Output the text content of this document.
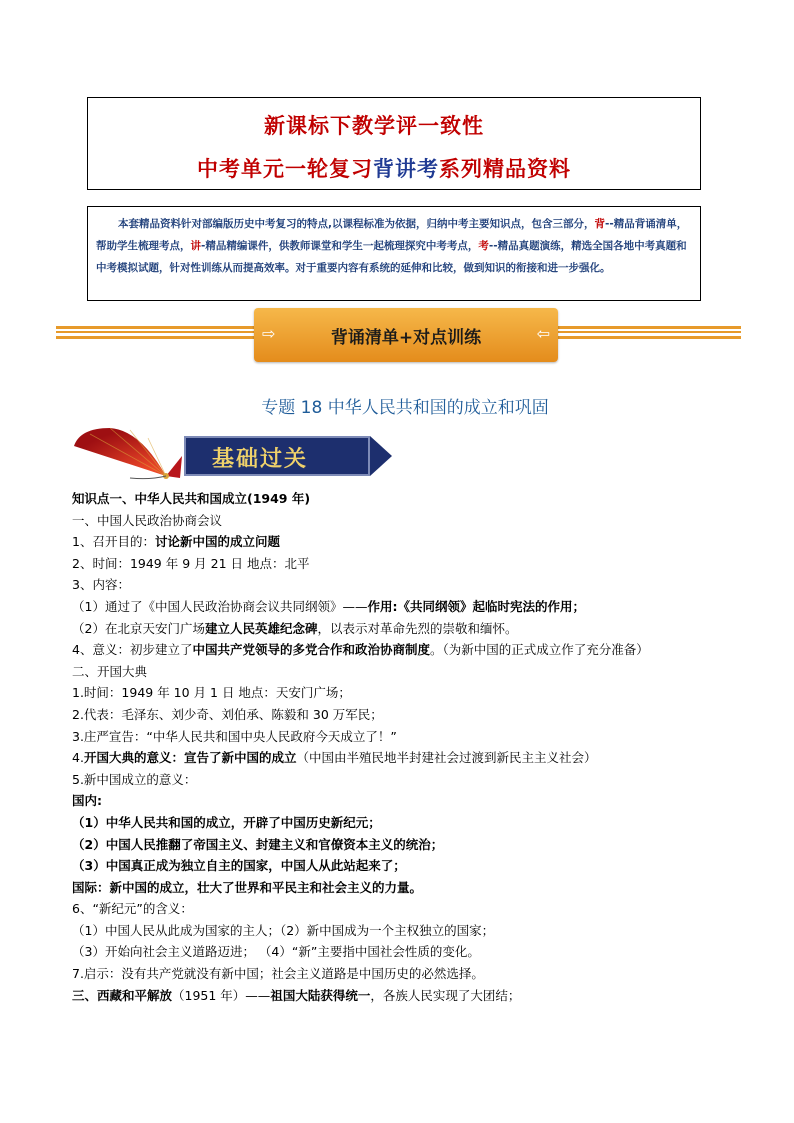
新课标下教学评一致性
中考单元一轮复习背讲考系列精品资料
本套精品资料针对部编版历史中考复习的特点,以课程标准为依据，归纳中考主要知识点，包含三部分，背--精品背诵清单，帮助学生梳理考点，讲-精品精编课件，供教师课堂和学生一起梳理探究中考考点，考--精品真题演练，精选全国各地中考真题和中考模拟试题，针对性训练从而提高效率。对于重要内容有系统的延伸和比较，做到知识的衔接和进一步强化。
⇨	背诵清单+对点训练	⇦
专题 18 中华人民共和国的成立和巩固
基础过关
知识点一、中华人民共和国成立(1949 年)
一、中国人民政治协商会议
1、召开目的：讨论新中国的成立问题
2、时间：1949 年 9 月 21 日 地点：北平
3、内容：
（1）通过了《中国人民政治协商会议共同纲领》——作用:《共同纲领》起临时宪法的作用；
（2）在北京天安门广场建立人民英雄纪念碑，以表示对革命先烈的崇敬和缅怀。
4、意义：初步建立了中国共产党领导的多党合作和政治协商制度。（为新中国的正式成立作了充分准备）
二、开国大典
1.时间：1949 年 10 月 1 日 地点：天安门广场；
2.代表：毛泽东、刘少奇、刘伯承、陈毅和 30 万军民；
3.庄严宣告：“中华人民共和国中央人民政府今天成立了！”
4.开国大典的意义：宣告了新中国的成立（中国由半殖民地半封建社会过渡到新民主主义社会）
5.新中国成立的意义：
国内:
（1）中华人民共和国的成立，开辟了中国历史新纪元；
（2）中国人民推翻了帝国主义、封建主义和官僚资本主义的统治；
（3）中国真正成为独立自主的国家，中国人从此站起来了；
国际：新中国的成立，壮大了世界和平民主和社会主义的力量。
6、“新纪元”的含义：
（1）中国人民从此成为国家的主人；（2）新中国成为一个主权独立的国家；
（3）开始向社会主义道路迈进； （4）“新”主要指中国社会性质的变化。
7.启示：没有共产党就没有新中国；社会主义道路是中国历史的必然选择。
三、西藏和平解放（1951 年）——祖国大陆获得统一，各族人民实现了大团结；
